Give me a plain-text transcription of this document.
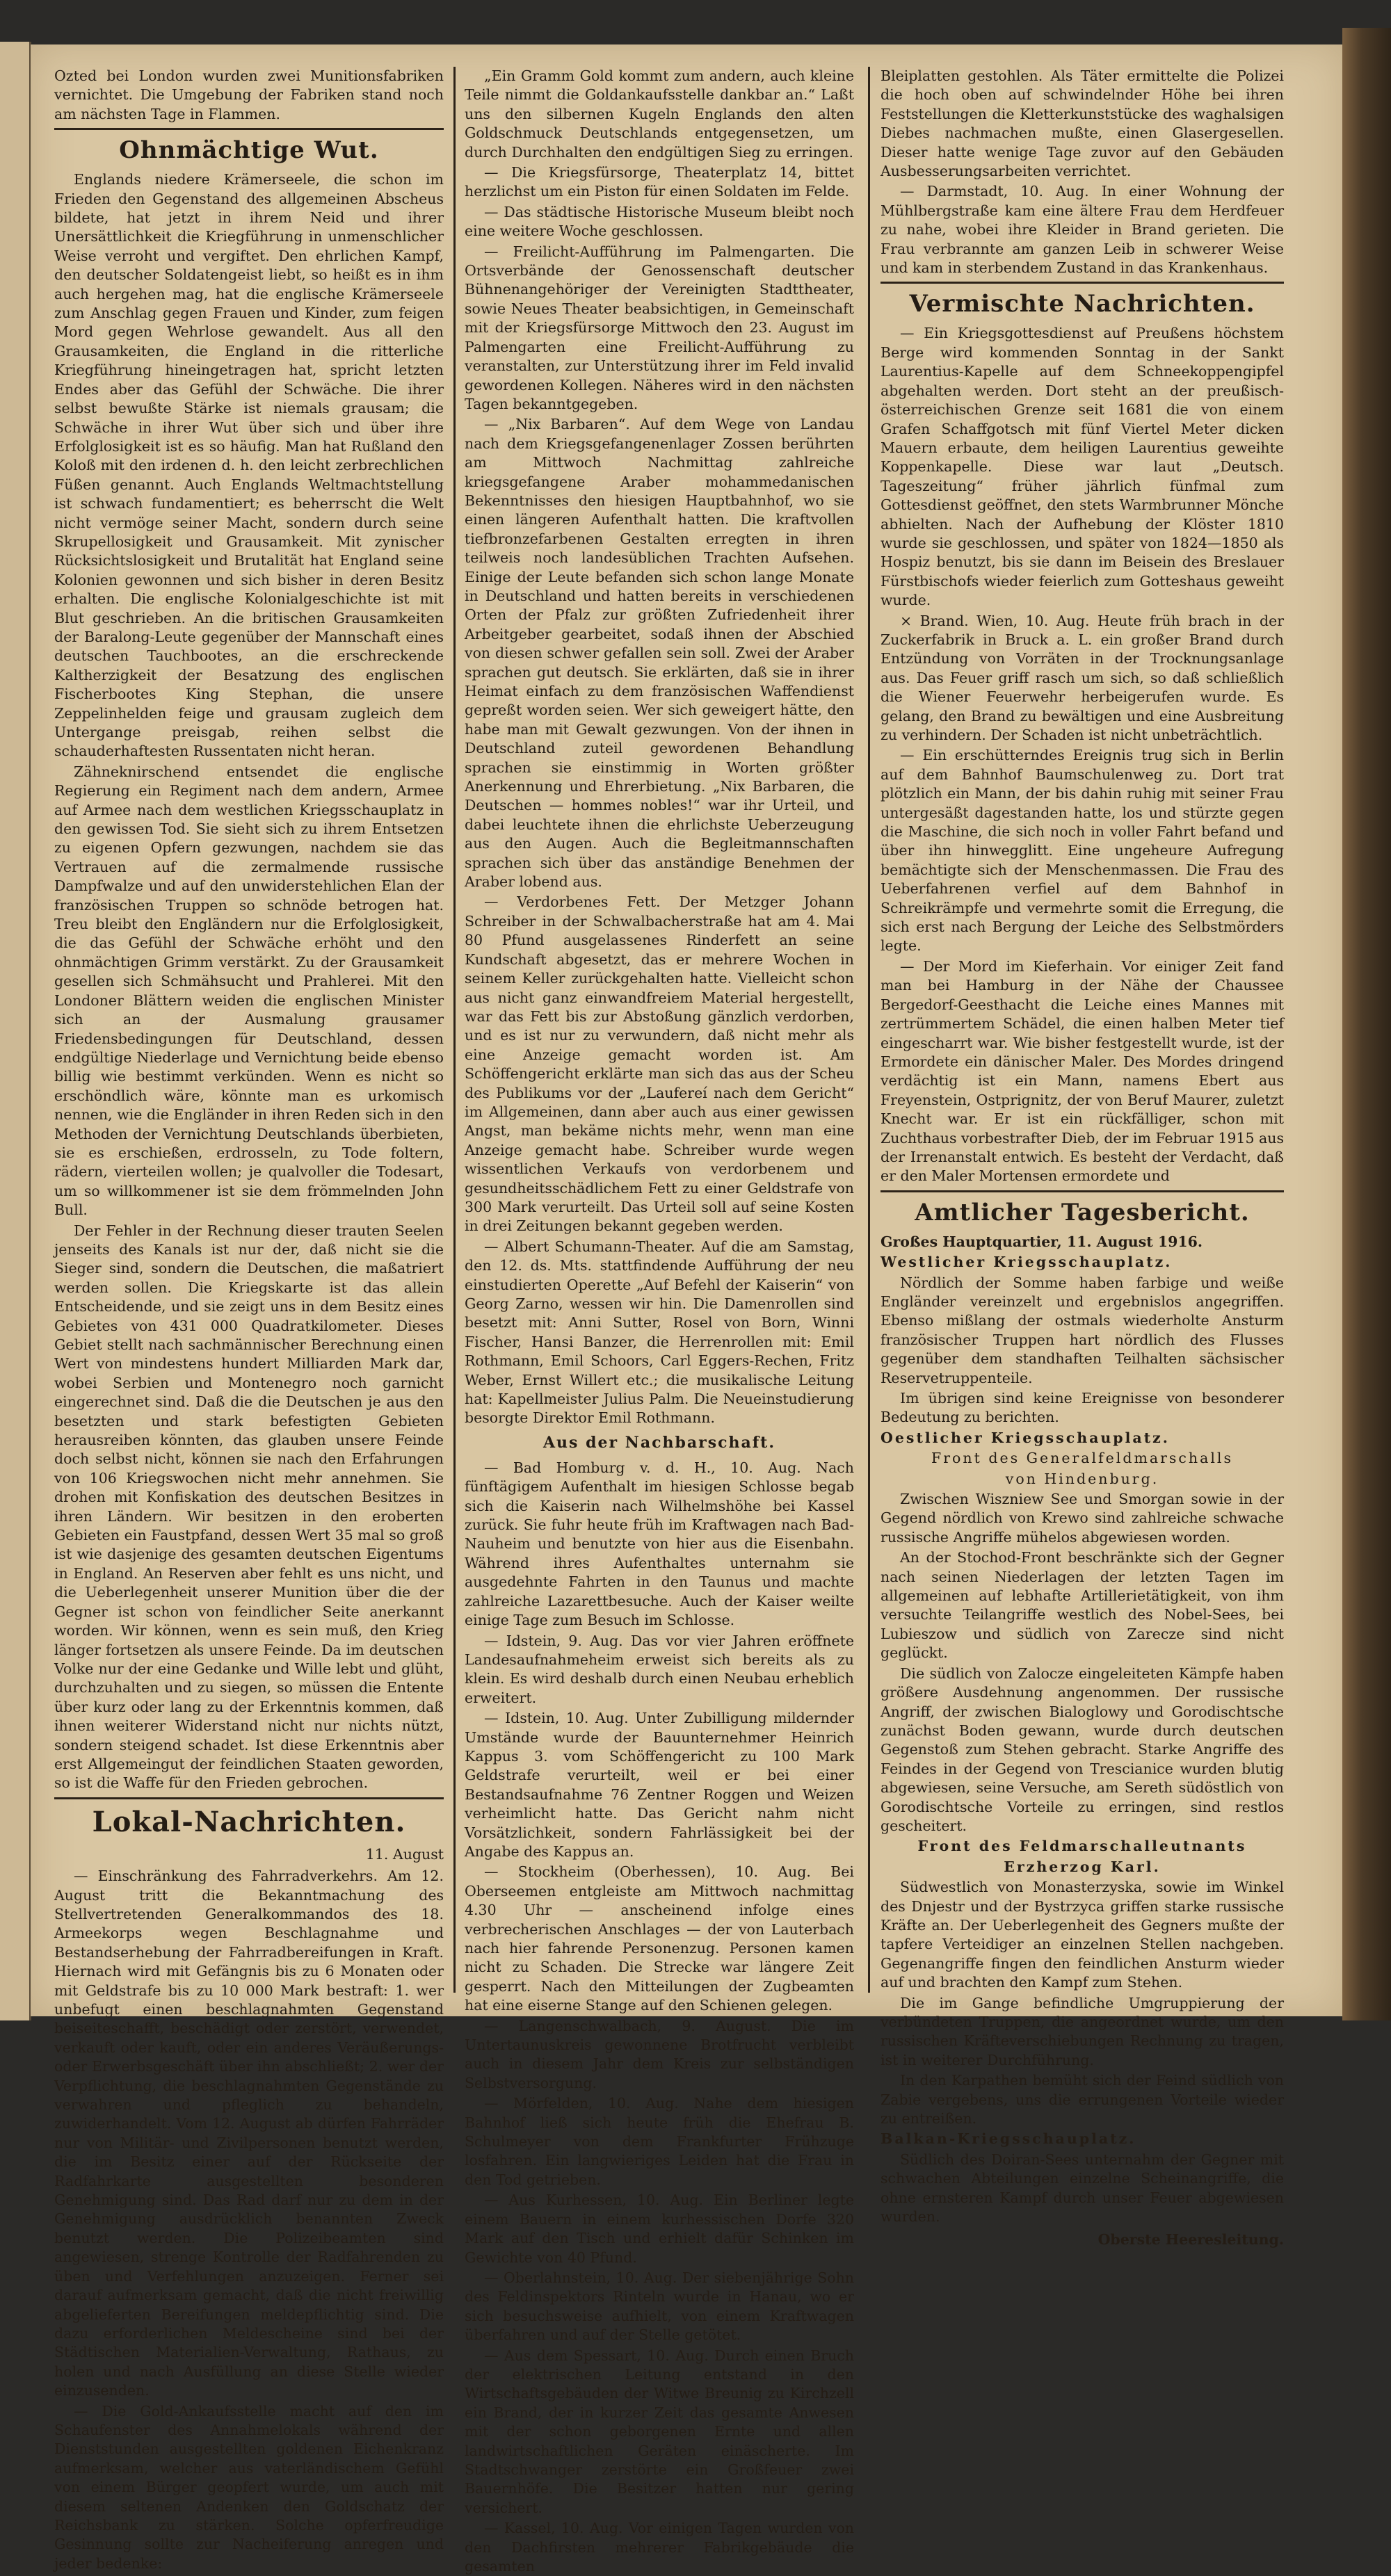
Ozted bei London wurden zwei Munitionsfabriken vernichtet. Die Umgebung der Fabriken stand noch am nächsten Tage in Flammen.

Ohnmächtige Wut.

Englands niedere Krämerseele, die schon im Frieden den Gegenstand des allgemeinen Abscheus bildete, hat jetzt in ihrem Neid und ihrer Unersättlichkeit die Kriegführung in unmenschlicher Weise verroht und vergiftet. Den ehrlichen Kampf, den deutscher Soldatengeist liebt, so heißt es in ihm auch hergehen mag, hat die englische Krämerseele zum Anschlag gegen Frauen und Kinder, zum feigen Mord gegen Wehrlose gewandelt. Aus all den Grausamkeiten, die England in die ritterliche Kriegführung hineingetragen hat, spricht letzten Endes aber das Gefühl der Schwäche. Die ihrer selbst bewußte Stärke ist niemals grausam; die Schwäche in ihrer Wut über sich und über ihre Erfolglosigkeit ist es so häufig. Man hat Rußland den Koloß mit den irdenen d. h. den leicht zerbrechlichen Füßen genannt. Auch Englands Weltmachtstellung ist schwach fundamentiert; es beherrscht die Welt nicht vermöge seiner Macht, sondern durch seine Skrupellosigkeit und Grausamkeit. Mit zynischer Rücksichtslosigkeit und Brutalität hat England seine Kolonien gewonnen und sich bisher in deren Besitz erhalten. Die englische Kolonialgeschichte ist mit Blut geschrieben. An die britischen Grausamkeiten der Baralong-Leute gegenüber der Mannschaft eines deutschen Tauchbootes, an die erschreckende Kaltherzigkeit der Besatzung des englischen Fischerbootes King Stephan, die unsere Zeppelinhelden feige und grausam zugleich dem Untergange preisgab, reihen selbst die schauderhaftesten Russentaten nicht heran.

Zähneknirschend entsendet die englische Regierung ein Regiment nach dem andern, Armee auf Armee nach dem westlichen Kriegsschauplatz in den gewissen Tod. Sie sieht sich zu ihrem Entsetzen zu eigenen Opfern gezwungen, nachdem sie das Vertrauen auf die zermalmende russische Dampfwalze und auf den unwiderstehlichen Elan der französischen Truppen so schnöde betrogen hat. Treu bleibt den Engländern nur die Erfolglosigkeit, die das Gefühl der Schwäche erhöht und den ohnmächtigen Grimm verstärkt. Zu der Grausamkeit gesellen sich Schmähsucht und Prahlerei. Mit den Londoner Blättern weiden die englischen Minister sich an der Ausmalung grausamer Friedensbedingungen für Deutschland, dessen endgültige Niederlage und Vernichtung beide ebenso billig wie bestimmt verkünden. Wenn es nicht so erschöndlich wäre, könnte man es urkomisch nennen, wie die Engländer in ihren Reden sich in den Methoden der Vernichtung Deutschlands überbieten, sie es erschießen, erdrosseln, zu Tode foltern, rädern, vierteilen wollen; je qualvoller die Todesart, um so willkommener ist sie dem frömmelnden John Bull.

Der Fehler in der Rechnung dieser trauten Seelen jenseits des Kanals ist nur der, daß nicht sie die Sieger sind, sondern die Deutschen, die maßatriert werden sollen. Die Kriegskarte ist das allein Entscheidende, und sie zeigt uns in dem Besitz eines Gebietes von 431 000 Quadratkilometer. Dieses Gebiet stellt nach sachmännischer Berechnung einen Wert von mindestens hundert Milliarden Mark dar, wobei Serbien und Montenegro noch garnicht eingerechnet sind. Daß die die Deutschen je aus den besetzten und stark befestigten Gebieten herausreiben könnten, das glauben unsere Feinde doch selbst nicht, können sie nach den Erfahrungen von 106 Kriegswochen nicht mehr annehmen. Sie drohen mit Konfiskation des deutschen Besitzes in ihren Ländern. Wir besitzen in den eroberten Gebieten ein Faustpfand, dessen Wert 35 mal so groß ist wie dasjenige des gesamten deutschen Eigentums in England. An Reserven aber fehlt es uns nicht, und die Ueberlegenheit unserer Munition über die der Gegner ist schon von feindlicher Seite anerkannt worden. Wir können, wenn es sein muß, den Krieg länger fortsetzen als unsere Feinde. Da im deutschen Volke nur der eine Gedanke und Wille lebt und glüht, durchzuhalten und zu siegen, so müssen die Entente über kurz oder lang zu der Erkenntnis kommen, daß ihnen weiterer Widerstand nicht nur nichts nützt, sondern steigend schadet. Ist diese Erkenntnis aber erst Allgemeingut der feindlichen Staaten geworden, so ist die Waffe für den Frieden gebrochen.

Lokal-Nachrichten.
11. August

— Einschränkung des Fahrradverkehrs. Am 12. August tritt die Bekanntmachung des Stellvertretenden Generalkommandos des 18. Armeekorps wegen Beschlagnahme und Bestandserhebung der Fahrradbereifungen in Kraft. Hiernach wird mit Gefängnis bis zu 6 Monaten oder mit Geldstrafe bis zu 10 000 Mark bestraft: 1. wer unbefugt einen beschlagnahmten Gegenstand beiseiteschafft, beschädigt oder zerstört, verwendet, verkauft oder kauft, oder ein anderes Veräußerungs- oder Erwerbsgeschäft über ihn abschließt; 2. wer der Verpflichtung, die beschlagnahmten Gegenstände zu verwahren und pfleglich zu behandeln, zuwiderhandelt. Vom 12. August ab dürfen Fahrräder nur von Militär- und Zivilpersonen benutzt werden, die im Besitz einer auf der Rückseite der Radfahrkarte ausgestellten besonderen Genehmigung sind. Das Rad darf nur zu dem in der Genehmigung ausdrücklich benannten Zweck benutzt werden. Die Polizeibeamten sind angewiesen, strenge Kontrolle der Radfahrenden zu üben und Verfehlungen anzuzeigen. Ferner sei darauf aufmerksam gemacht, daß die nicht freiwillig abgelieferten Bereifungen meldepflichtig sind. Die dazu erforderlichen Meldescheine sind bei der Städtischen Materialien-Verwaltung, Rathaus, zu holen und nach Ausfüllung an diese Stelle wieder einzusenden.

— Die Gold-Ankaufsstelle macht auf den im Schaufenster des Annahmelokals während der Dienststunden ausgestellten goldenen Eichenkranz aufmerksam, welcher aus vaterländischem Gefühl von einem Bürger geopfert wurde, um auch mit diesem seltenen Andenken den Goldschatz der Reichsbank zu stärken. Solche opferfreudige Gesinnung sollte zur Nacheiferung anregen und jeder bedenke:

„Ein Gramm Gold kommt zum andern, auch kleine Teile nimmt die Goldankaufsstelle dankbar an.“ Laßt uns den silbernen Kugeln Englands den alten Goldschmuck Deutschlands entgegensetzen, um durch Durchhalten den endgültigen Sieg zu erringen.

— Die Kriegsfürsorge, Theaterplatz 14, bittet herzlichst um ein Piston für einen Soldaten im Felde.

— Das städtische Historische Museum bleibt noch eine weitere Woche geschlossen.

— Freilicht-Aufführung im Palmengarten. Die Ortsverbände der Genossenschaft deutscher Bühnenangehöriger der Vereinigten Stadttheater, sowie Neues Theater beabsichtigen, in Gemeinschaft mit der Kriegsfürsorge Mittwoch den 23. August im Palmengarten eine Freilicht-Aufführung zu veranstalten, zur Unterstützung ihrer im Feld invalid gewordenen Kollegen. Näheres wird in den nächsten Tagen bekanntgegeben.

— „Nix Barbaren“. Auf dem Wege von Landau nach dem Kriegsgefangenenlager Zossen berührten am Mittwoch Nachmittag zahlreiche kriegsgefangene Araber mohammedanischen Bekenntnisses den hiesigen Hauptbahnhof, wo sie einen längeren Aufenthalt hatten. Die kraftvollen tiefbronzefarbenen Gestalten erregten in ihren teilweis noch landesüblichen Trachten Aufsehen. Einige der Leute befanden sich schon lange Monate in Deutschland und hatten bereits in verschiedenen Orten der Pfalz zur größten Zufriedenheit ihrer Arbeitgeber gearbeitet, sodaß ihnen der Abschied von diesen schwer gefallen sein soll. Zwei der Araber sprachen gut deutsch. Sie erklärten, daß sie in ihrer Heimat einfach zu dem französischen Waffendienst gepreßt worden seien. Wer sich geweigert hätte, den habe man mit Gewalt gezwungen. Von der ihnen in Deutschland zuteil gewordenen Behandlung sprachen sie einstimmig in Worten größter Anerkennung und Ehrerbietung. „Nix Barbaren, die Deutschen — hommes nobles!“ war ihr Urteil, und dabei leuchtete ihnen die ehrlichste Ueberzeugung aus den Augen. Auch die Begleitmannschaften sprachen sich über das anständige Benehmen der Araber lobend aus.

— Verdorbenes Fett. Der Metzger Johann Schreiber in der Schwalbacherstraße hat am 4. Mai 80 Pfund ausgelassenes Rinderfett an seine Kundschaft abgesetzt, das er mehrere Wochen in seinem Keller zurückgehalten hatte. Vielleicht schon aus nicht ganz einwandfreiem Material hergestellt, war das Fett bis zur Abstoßung gänzlich verdorben, und es ist nur zu verwundern, daß nicht mehr als eine Anzeige gemacht worden ist. Am Schöffengericht erklärte man sich das aus der Scheu des Publikums vor der „Laufereí nach dem Gericht“ im Allgemeinen, dann aber auch aus einer gewissen Angst, man bekäme nichts mehr, wenn man eine Anzeige gemacht habe. Schreiber wurde wegen wissentlichen Verkaufs von verdorbenem und gesundheitsschädlichem Fett zu einer Geldstrafe von 300 Mark verurteilt. Das Urteil soll auf seine Kosten in drei Zeitungen bekannt gegeben werden.

— Albert Schumann-Theater. Auf die am Samstag, den 12. ds. Mts. stattfindende Aufführung der neu einstudierten Operette „Auf Befehl der Kaiserin“ von Georg Zarno, wessen wir hin. Die Damenrollen sind besetzt mit: Anni Sutter, Rosel von Born, Winni Fischer, Hansi Banzer, die Herrenrollen mit: Emil Rothmann, Emil Schoors, Carl Eggers-Rechen, Fritz Weber, Ernst Willert etc.; die musikalische Leitung hat: Kapellmeister Julius Palm. Die Neueinstudierung besorgte Direktor Emil Rothmann.

Aus der Nachbarschaft.

— Bad Homburg v. d. H., 10. Aug. Nach fünftägigem Aufenthalt im hiesigen Schlosse begab sich die Kaiserin nach Wilhelmshöhe bei Kassel zurück. Sie fuhr heute früh im Kraftwagen nach Bad-Nauheim und benutzte von hier aus die Eisenbahn. Während ihres Aufenthaltes unternahm sie ausgedehnte Fahrten in den Taunus und machte zahlreiche Lazarettbesuche. Auch der Kaiser weilte einige Tage zum Besuch im Schlosse.

— Idstein, 9. Aug. Das vor vier Jahren eröffnete Landesaufnahmeheim erweist sich bereits als zu klein. Es wird deshalb durch einen Neubau erheblich erweitert.

— Idstein, 10. Aug. Unter Zubilligung mildernder Umstände wurde der Bauunternehmer Heinrich Kappus 3. vom Schöffengericht zu 100 Mark Geldstrafe verurteilt, weil er bei einer Bestandsaufnahme 76 Zentner Roggen und Weizen verheimlicht hatte. Das Gericht nahm nicht Vorsätzlichkeit, sondern Fahrlässigkeit bei der Angabe des Kappus an.

— Stockheim (Oberhessen), 10. Aug. Bei Oberseemen entgleiste am Mittwoch nachmittag 4.30 Uhr — anscheinend infolge eines verbrecherischen Anschlages — der von Lauterbach nach hier fahrende Personenzug. Personen kamen nicht zu Schaden. Die Strecke war längere Zeit gesperrt. Nach den Mitteilungen der Zugbeamten hat eine eiserne Stange auf den Schienen gelegen.

— Langenschwalbach, 9. August. Die im Untertaunuskreis gewonnene Brotfrucht verbleibt auch in diesem Jahr dem Kreis zur selbständigen Selbstversorgung.

— Mörfelden, 10. Aug. Nahe dem hiesigen Bahnhof ließ sich heute früh die Ehefrau B. Schulmeyer von dem Frankfurter Frühzuge losfahren. Ein langwieriges Leiden hat die Frau in den Tod getrieben.

— Aus Kurhessen, 10. Aug. Ein Berliner legte einem Bauern in einem kurhessischen Dorfe 320 Mark auf den Tisch und erhielt dafür Schinken im Gewichte von 40 Pfund.

— Oberlahnstein, 10. Aug. Der siebenjährige Sohn des Feldinspektors Rinteln wurde in Hanau, wo er sich besuchsweise aufhielt, von einem Kraftwagen überfahren und auf der Stelle getötet.

— Aus dem Spessart, 10. Aug. Durch einen Bruch der elektrischen Leitung entstand in den Wirtschaftsgebäuden der Witwe Breunig zu Kirchzell ein Brand, der in kurzer Zeit das gesamte Anwesen mit der schon geborgenen Ernte und allen landwirtschaftlichen Geräten einäscherte. Im Stadtschwanger zerstörte ein Großfeuer zwei Bauernhöfe. Die Besitzer hatten nur gering versichert.

— Kassel, 10. Aug. Vor einigen Tagen wurden von den Dachfirsten mehrerer Fabrikgebäude die gesamten

Bleiplatten gestohlen. Als Täter ermittelte die Polizei die hoch oben auf schwindelnder Höhe bei ihren Feststellungen die Kletterkunststücke des waghalsigen Diebes nachmachen mußte, einen Glasergesellen. Dieser hatte wenige Tage zuvor auf den Gebäuden Ausbesserungsarbeiten verrichtet.

— Darmstadt, 10. Aug. In einer Wohnung der Mühlbergstraße kam eine ältere Frau dem Herdfeuer zu nahe, wobei ihre Kleider in Brand gerieten. Die Frau verbrannte am ganzen Leib in schwerer Weise und kam in sterbendem Zustand in das Krankenhaus.

Vermischte Nachrichten.

— Ein Kriegsgottesdienst auf Preußens höchstem Berge wird kommenden Sonntag in der Sankt Laurentius-Kapelle auf dem Schneekoppengipfel abgehalten werden. Dort steht an der preußisch-österreichischen Grenze seit 1681 die von einem Grafen Schaffgotsch mit fünf Viertel Meter dicken Mauern erbaute, dem heiligen Laurentius geweihte Koppenkapelle. Diese war laut „Deutsch. Tageszeitung“ früher jährlich fünfmal zum Gottesdienst geöffnet, den stets Warmbrunner Mönche abhielten. Nach der Aufhebung der Klöster 1810 wurde sie geschlossen, und später von 1824—1850 als Hospiz benutzt, bis sie dann im Beisein des Breslauer Fürstbischofs wieder feierlich zum Gotteshaus geweiht wurde.

× Brand. Wien, 10. Aug. Heute früh brach in der Zuckerfabrik in Bruck a. L. ein großer Brand durch Entzündung von Vorräten in der Trocknungsanlage aus. Das Feuer griff rasch um sich, so daß schließlich die Wiener Feuerwehr herbeigerufen wurde. Es gelang, den Brand zu bewältigen und eine Ausbreitung zu verhindern. Der Schaden ist nicht unbeträchtlich.

— Ein erschütterndes Ereignis trug sich in Berlin auf dem Bahnhof Baumschulenweg zu. Dort trat plötzlich ein Mann, der bis dahin ruhig mit seiner Frau untergesäßt dagestanden hatte, los und stürzte gegen die Maschine, die sich noch in voller Fahrt befand und über ihn hinwegglitt. Eine ungeheure Aufregung bemächtigte sich der Menschenmassen. Die Frau des Ueberfahrenen verfiel auf dem Bahnhof in Schreikrämpfe und vermehrte somit die Erregung, die sich erst nach Bergung der Leiche des Selbstmörders legte.

— Der Mord im Kieferhain. Vor einiger Zeit fand man bei Hamburg in der Nähe der Chaussee Bergedorf-Geesthacht die Leiche eines Mannes mit zertrümmertem Schädel, die einen halben Meter tief eingescharrt war. Wie bisher festgestellt wurde, ist der Ermordete ein dänischer Maler. Des Mordes dringend verdächtig ist ein Mann, namens Ebert aus Freyenstein, Ostprignitz, der von Beruf Maurer, zuletzt Knecht war. Er ist ein rückfälliger, schon mit Zuchthaus vorbestrafter Dieb, der im Februar 1915 aus der Irrenanstalt entwich. Es besteht der Verdacht, daß er den Maler Mortensen ermordete und

Amtlicher Tagesbericht.

Großes Hauptquartier, 11. August 1916.

Westlicher Kriegsschauplatz.

Nördlich der Somme haben farbige und weiße Engländer vereinzelt und ergebnislos angegriffen. Ebenso mißlang der ostmals wiederholte Ansturm französischer Truppen hart nördlich des Flusses gegenüber dem standhaften Teilhalten sächsischer Reservetruppenteile.

Im übrigen sind keine Ereignisse von besonderer Bedeutung zu berichten.

Oestlicher Kriegsschauplatz.

Front des Generalfeldmarschalls

von Hindenburg.

Zwischen Wiszniew See und Smorgan sowie in der Gegend nördlich von Krewo sind zahlreiche schwache russische Angriffe mühelos abgewiesen worden.

An der Stochod-Front beschränkte sich der Gegner nach seinen Niederlagen der letzten Tagen im allgemeinen auf lebhafte Artillerietätigkeit, von ihm versuchte Teilangriffe westlich des Nobel-Sees, bei Lubieszow und südlich von Zarecze sind nicht geglückt.

Die südlich von Zalocze eingeleiteten Kämpfe haben größere Ausdehnung angenommen. Der russische Angriff, der zwischen Bialoglowy und Gorodischtsche zunächst Boden gewann, wurde durch deutschen Gegenstoß zum Stehen gebracht. Starke Angriffe des Feindes in der Gegend von Trescianice wurden blutig abgewiesen, seine Versuche, am Sereth südöstlich von Gorodischtsche Vorteile zu erringen, sind restlos gescheitert.

Front des Feldmarschalleutnants

Erzherzog Karl.

Südwestlich von Monasterzyska, sowie im Winkel des Dnjestr und der Bystrzyca griffen starke russische Kräfte an. Der Ueberlegenheit des Gegners mußte der tapfere Verteidiger an einzelnen Stellen nachgeben. Gegenangriffe fingen den feindlichen Ansturm wieder auf und brachten den Kampf zum Stehen.

Die im Gange befindliche Umgruppierung der verbündeten Truppen, die angeordnet wurde, um den russischen Kräfteverschiebungen Rechnung zu tragen, ist in weiterer Durchführung.

In den Karpathen bemüht sich der Feind südlich von Zabie vergebens, uns die errungenen Vorteile wieder zu entreißen.

Balkan-Kriegsschauplatz.

Südlich des Doiran-Sees unternahm der Gegner mit schwachen Abteilungen einzelne Scheinangriffe, die ohne ernsteren Kampf durch unser Feuer abgewiesen wurden.

Oberste Heeresleitung.
